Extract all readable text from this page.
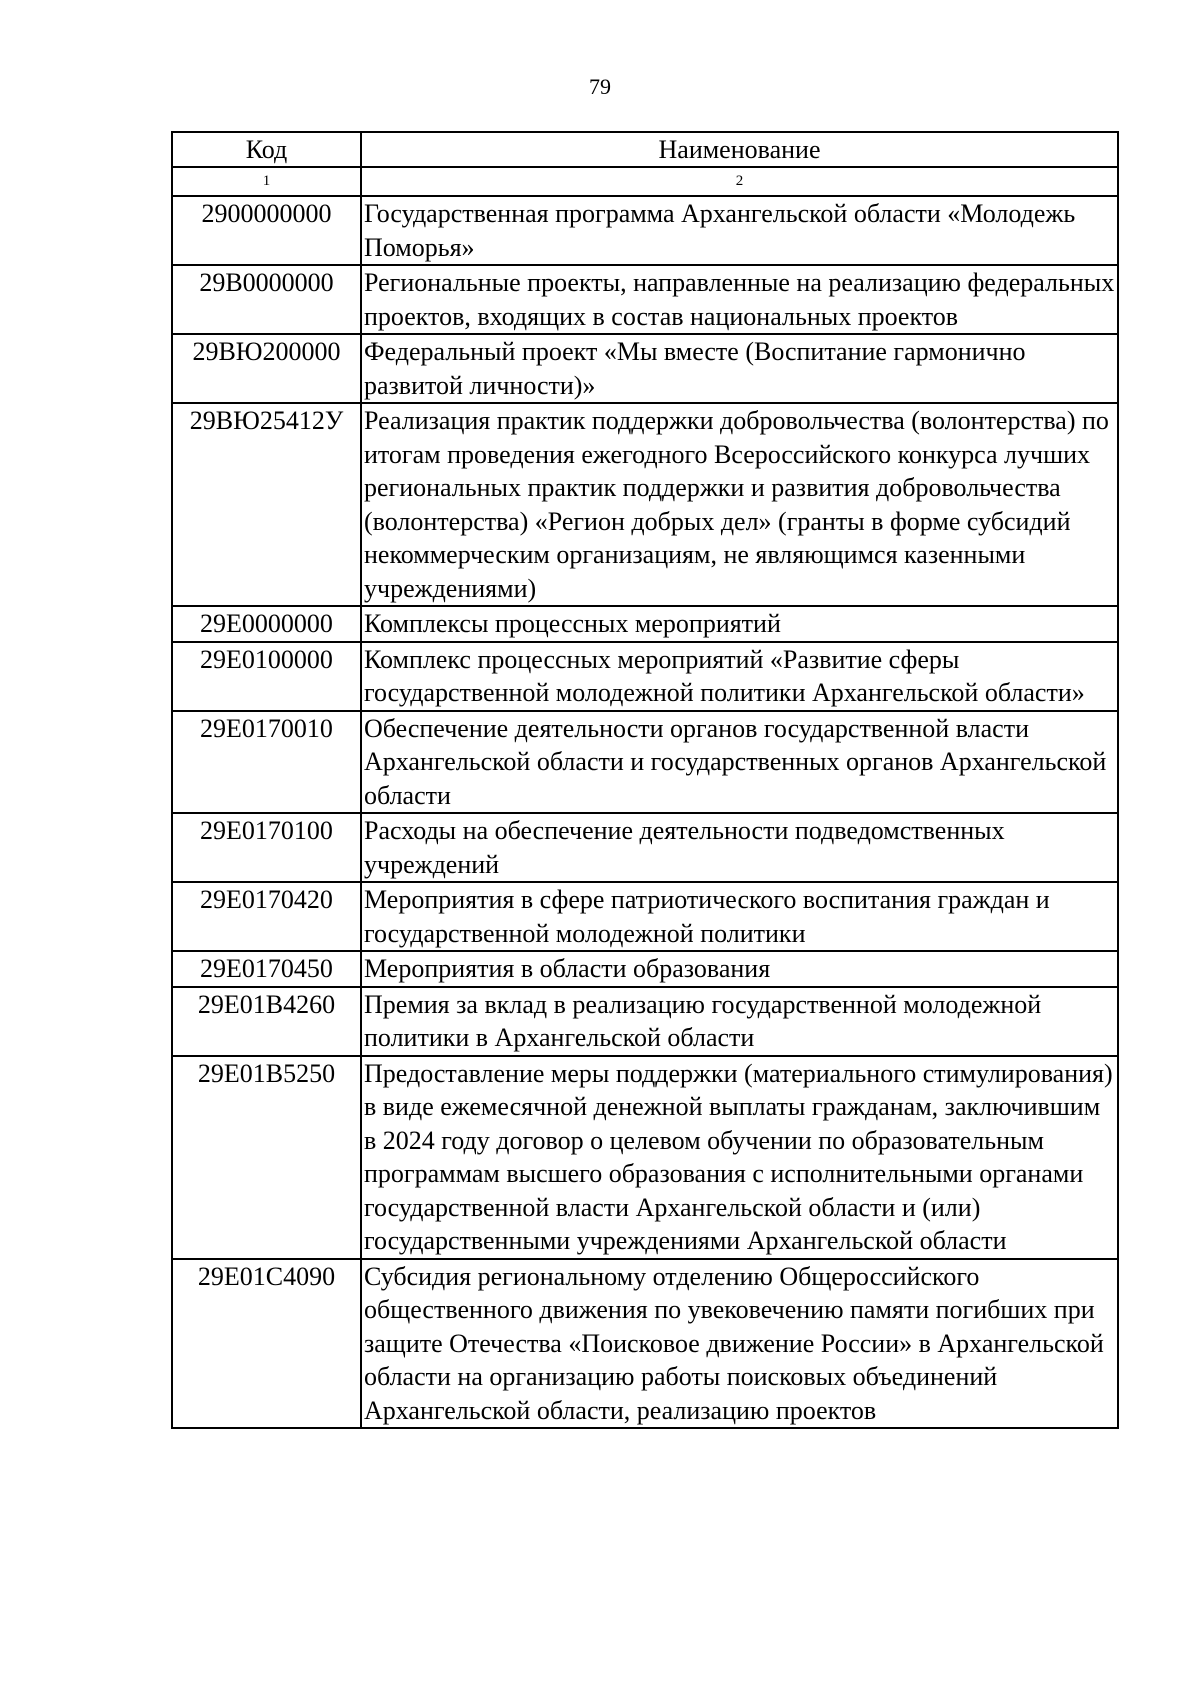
79
Код	Наименование
1	2
2900000000	Государственная программа Архангельской области «Молодежь Поморья»
29В0000000	Региональные проекты, направленные на реализацию федеральных проектов, входящих в состав национальных проектов
29ВЮ200000	Федеральный проект «Мы вместе (Воспитание гармонично развитой личности)»
29ВЮ25412У	Реализация практик поддержки добровольчества (волонтерства) по итогам проведения ежегодного Всероссийского конкурса лучших региональных практик поддержки и развития добровольчества (волонтерства) «Регион добрых дел» (гранты в форме субсидий некоммерческим организациям, не являющимся казенными учреждениями)
29Е0000000	Комплексы процессных мероприятий
29Е0100000	Комплекс процессных мероприятий «Развитие сферы государственной молодежной политики Архангельской области»
29Е0170010	Обеспечение деятельности органов государственной власти Архангельской области и государственных органов Архангельской области
29Е0170100	Расходы на обеспечение деятельности подведомственных учреждений
29Е0170420	Мероприятия в сфере патриотического воспитания граждан и государственной молодежной политики
29Е0170450	Мероприятия в области образования
29Е01В4260	Премия за вклад в реализацию государственной молодежной политики в Архангельской области
29Е01В5250	Предоставление меры поддержки (материального стимулирования) в виде ежемесячной денежной выплаты гражданам, заключившим в 2024 году договор о целевом обучении по образовательным программам высшего образования с исполнительными органами государственной власти Архангельской области и (или) государственными учреждениями Архангельской области
29Е01С4090	Субсидия региональному отделению Общероссийского общественного движения по увековечению памяти погибших при защите Отечества «Поисковое движение России» в Архангельской области на организацию работы поисковых объединений Архангельской области, реализацию проектов
